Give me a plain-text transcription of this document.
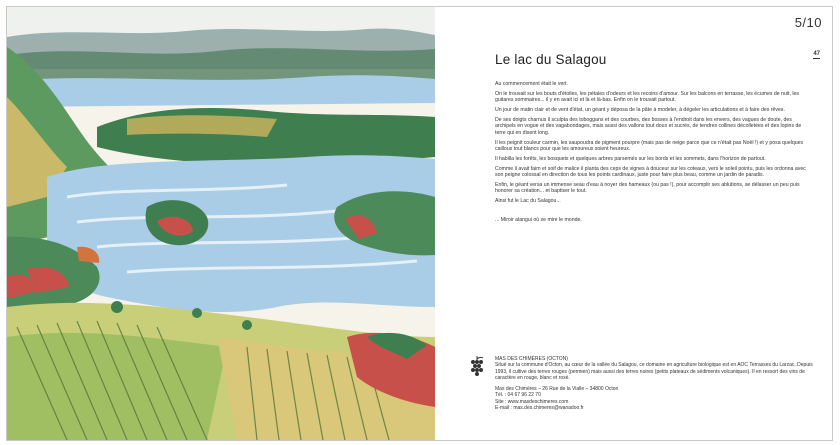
5/10
47
Le lac du Salagou

Au commencement était le vert.

On le trouvait sur les bouts d'étoiles, les pétales d'odeurs et les recoins d'amour. Sur les balcons en terrasse, les écumes de nuit, les guitares sommaires... il y en avait ici et là et là-bas. Enfin on le trouvait partout.

Un jour de matin clair et de vent d'état, un géant y déposa de la pâte à modeler, à dégeler les articulations et à faire des rêves.

De ses doigts charnus il sculpta des toboggans et des courbes, des bosses à l'endroit dans les envers, des vagues de doute, des archipels en vogue et des vagabondages, mais aussi des vallons tout doux et sucrés, de tendres collines décolletées et des lopins de terre qui en disent long.

Il les peignit couleur carmin, les saupoudra de pigment pourpre (mais pas de neige parce que ce n'était pas Noël !) et y posa quelques cailloux tout blancs pour que les amoureux soient heureux.

Il habilla les forêts, les bosquets et quelques arbres parsemés sur les bords et les sommets, dans l'horizon de partout.

Comme il avait faim et soif de malice il planta des ceps de vignes à douceur sur les coteaux, vers le soleil pointu, puis les ordonna avec son peigne colossal en direction de tous les points cardinaux, juste pour faire plus beau, comme un jardin de paradis.

Enfin, le géant versa un immense seau d'eau à noyer des hameaux (ou pas !), pour accomplir ses ablutions, se délasser un peu puis honorer sa création... et baptiser le tout.

Ainsi fut le Lac du Salagou...

... Miroir alangui où se mire le monde.

MAS DES CHIMÈRES (OCTON)

Situé sur la commune d'Octon, au cœur de la vallée du Salagou, ce domaine en agriculture biologique est en AOC Terrasses du Larzac. Depuis 1993, il cultive des terres rouges (permien) mais aussi des terres noires (petits plateaux de sédiments volcaniques). Il en ressort des vins de caractère en rouge, blanc et rosé.

Mas des Chimères – 26 Rue de la Vialle – 34800 Octon

Tél. : 04 67 96 22 70

Site : www.masdeschimeres.com

E-mail : mas.des.chimeres@wanadoo.fr
